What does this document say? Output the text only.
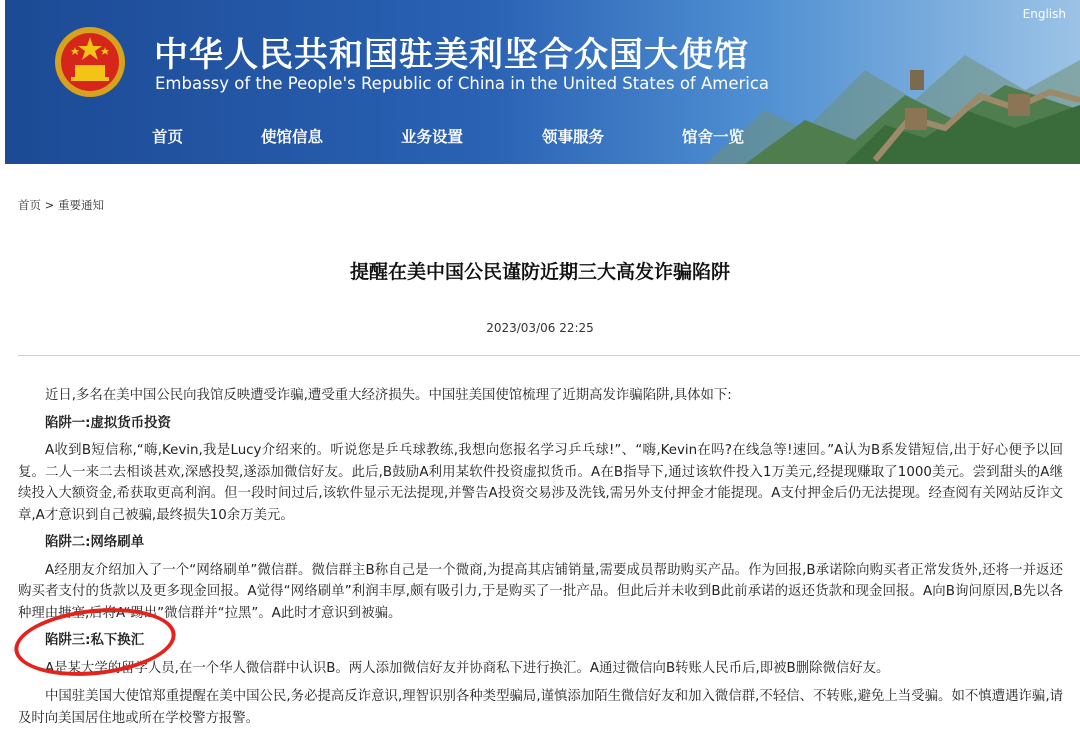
中华人民共和国驻美利坚合众国大使馆
Embassy of the People's Republic of China in the United States of America
English
首页	使馆信息	业务设置	领事服务	馆舍一览
首页 > 重要通知
提醒在美中国公民谨防近期三大高发诈骗陷阱
2023/03/06 22:25

近日,多名在美中国公民向我馆反映遭受诈骗,遭受重大经济损失。中国驻美国使馆梳理了近期高发诈骗陷阱,具体如下:

陷阱一:虚拟货币投资

A收到B短信称,“嗨,Kevin,我是Lucy介绍来的。听说您是乒乓球教练,我想向您报名学习乒乓球!”、“嗨,Kevin在吗?在线急等!速回。”A认为B系发错短信,出于好心便予以回复。二人一来二去相谈甚欢,深感投契,遂添加微信好友。此后,B鼓励A利用某软件投资虚拟货币。A在B指导下,通过该软件投入1万美元,经提现赚取了1000美元。尝到甜头的A继续投入大额资金,希获取更高利润。但一段时间过后,该软件显示无法提现,并警告A投资交易涉及洗钱,需另外支付押金才能提现。A支付押金后仍无法提现。经查阅有关网站反诈文章,A才意识到自己被骗,最终损失10余万美元。

陷阱二:网络刷单

A经朋友介绍加入了一个“网络刷单”微信群。微信群主B称自己是一个微商,为提高其店铺销量,需要成员帮助购买产品。作为回报,B承诺除向购买者正常发货外,还将一并返还购买者支付的货款以及更多现金回报。A觉得“网络刷单”利润丰厚,颇有吸引力,于是购买了一批产品。但此后并未收到B此前承诺的返还货款和现金回报。A向B询问原因,B先以各种理由搪塞,后将A“踢出”微信群并“拉黑”。A此时才意识到被骗。

陷阱三:私下换汇

A是某大学的留学人员,在一个华人微信群中认识B。两人添加微信好友并协商私下进行换汇。A通过微信向B转账人民币后,即被B删除微信好友。

中国驻美国大使馆郑重提醒在美中国公民,务必提高反诈意识,理智识别各种类型骗局,谨慎添加陌生微信好友和加入微信群,不轻信、不转账,避免上当受骗。如不慎遭遇诈骗,请及时向美国居住地或所在学校警方报警。
